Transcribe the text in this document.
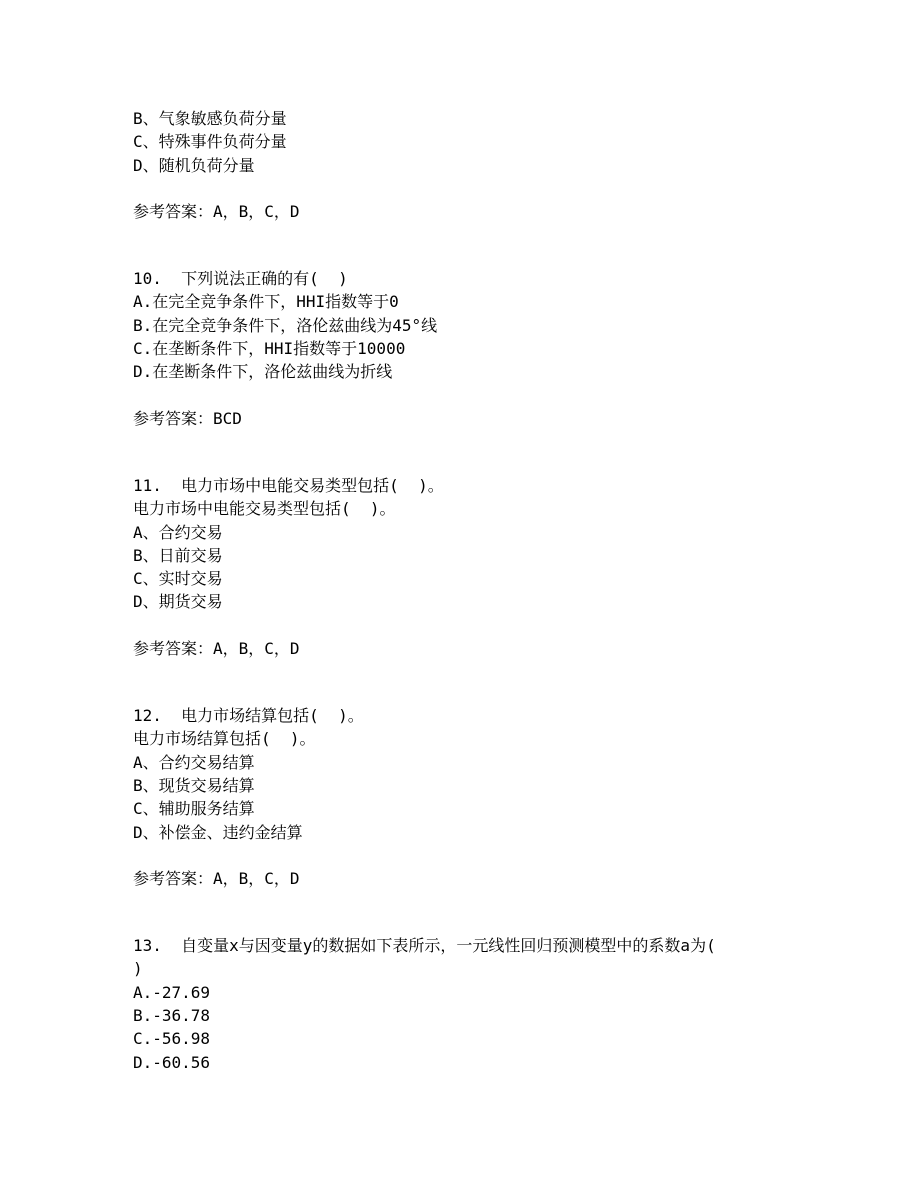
B、气象敏感负荷分量
C、特殊事件负荷分量
D、随机负荷分量
参考答案：A，B，C，D
10.  下列说法正确的有(  )
A.在完全竞争条件下，HHI指数等于0
B.在完全竞争条件下，洛伦兹曲线为45°线
C.在垄断条件下，HHI指数等于10000
D.在垄断条件下，洛伦兹曲线为折线
参考答案：BCD
11.  电力市场中电能交易类型包括(  )。
电力市场中电能交易类型包括(  )。
A、合约交易
B、日前交易
C、实时交易
D、期货交易
参考答案：A，B，C，D
12.  电力市场结算包括(  )。
电力市场结算包括(  )。
A、合约交易结算
B、现货交易结算
C、辅助服务结算
D、补偿金、违约金结算
参考答案：A，B，C，D
13.  自变量x与因变量y的数据如下表所示，一元线性回归预测模型中的系数a为(
)
A.-27.69
B.-36.78
C.-56.98
D.-60.56
